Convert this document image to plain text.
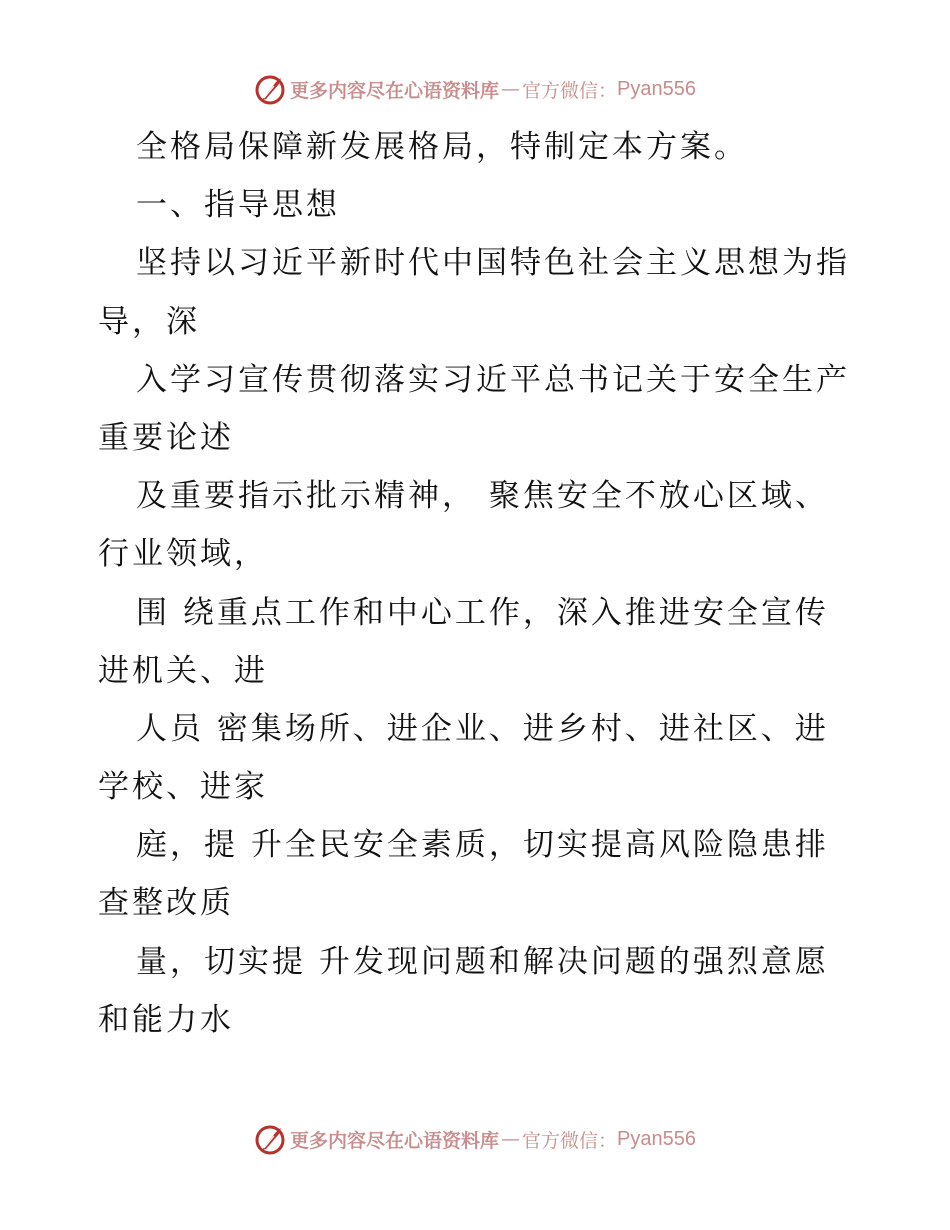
更多内容尽在心语资料库 — 官方微信： Pyan556
全格局保障新发展格局，特制定本方案。
一、指导思想
坚持以习近平新时代中国特色社会主义思想为指
导，深
入学习宣传贯彻落实习近平总书记关于安全生产
重要论述
及重要指示批示精神， 聚焦安全不放心区域、
行业领域，
围 绕重点工作和中心工作，深入推进安全宣传
进机关、进
人员 密集场所、进企业、进乡村、进社区、进
学校、进家
庭，提 升全民安全素质，切实提高风险隐患排
查整改质
量，切实提 升发现问题和解决问题的强烈意愿
和能力水
更多内容尽在心语资料库 — 官方微信： Pyan556
